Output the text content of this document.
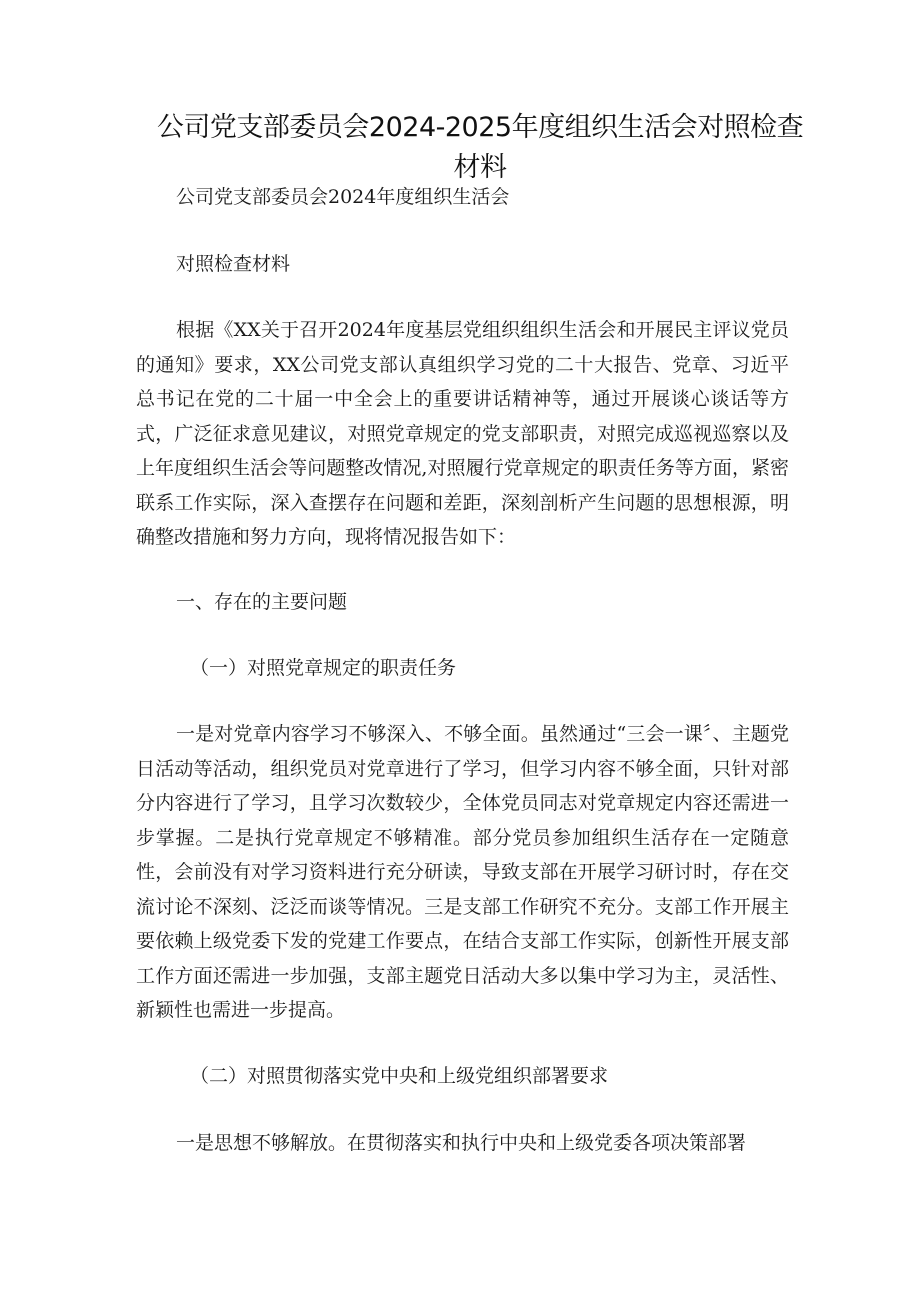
公司党支部委员会2024-2025年度组织生活会对照检查材料
公司党支部委员会2024年度组织生活会
对照检查材料
根据《XX关于召开2024年度基层党组织组织生活会和开展民主评议党员的通知》要求，XX公司党支部认真组织学习党的二十大报告、党章、习近平总书记在党的二十届一中全会上的重要讲话精神等，通过开展谈心谈话等方式，广泛征求意见建议，对照党章规定的党支部职责，对照完成巡视巡察以及上年度组织生活会等问题整改情况,对照履行党章规定的职责任务等方面，紧密联系工作实际，深入查摆存在问题和差距，深刻剖析产生问题的思想根源，明确整改措施和努力方向，现将情况报告如下：
一、存在的主要问题
（一）对照党章规定的职责任务
一是对党章内容学习不够深入、不够全面。虽然通过“三会一课〞、主题党日活动等活动，组织党员对党章进行了学习，但学习内容不够全面，只针对部分内容进行了学习，且学习次数较少，全体党员同志对党章规定内容还需进一步掌握。二是执行党章规定不够精准。部分党员参加组织生活存在一定随意性，会前没有对学习资料进行充分研读，导致支部在开展学习研讨时，存在交流讨论不深刻、泛泛而谈等情况。三是支部工作研究不充分。支部工作开展主要依赖上级党委下发的党建工作要点，在结合支部工作实际，创新性开展支部工作方面还需进一步加强，支部主题党日活动大多以集中学习为主，灵活性、新颖性也需进一步提高。
（二）对照贯彻落实党中央和上级党组织部署要求
一是思想不够解放。在贯彻落实和执行中央和上级党委各项决策部署
